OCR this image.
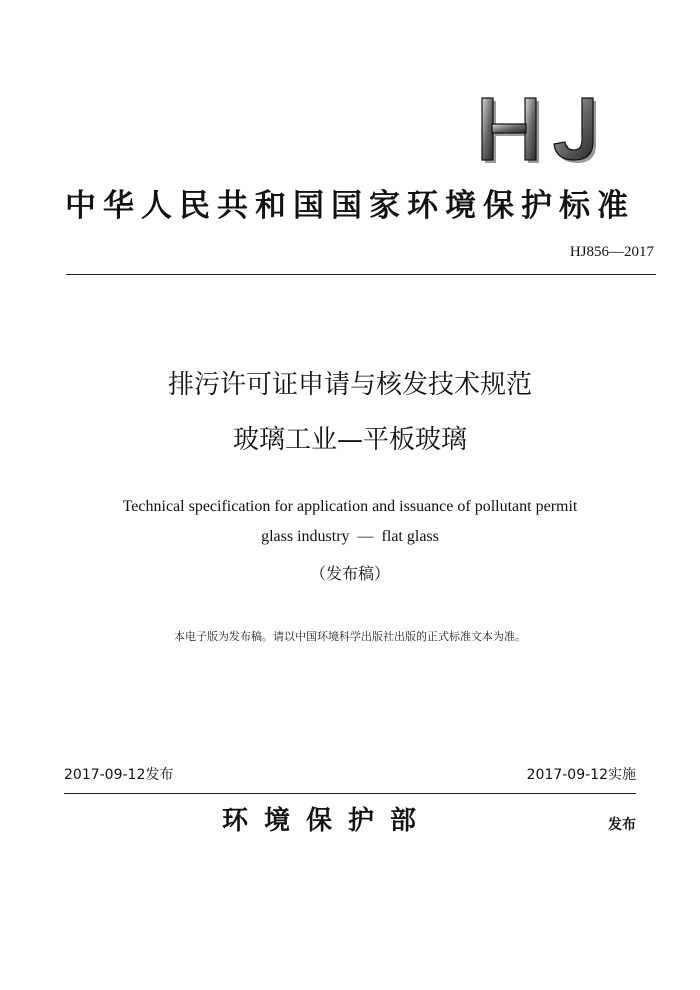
中华人民共和国国家环境保护标准
HJ856—2017
排污许可证申请与核发技术规范
玻璃工业—平板玻璃
Technical specification for application and issuance of pollutant permit
glass industry  —  flat glass
（发布稿）
本电子版为发布稿。请以中国环境科学出版社出版的正式标准文本为准。
2017-09-12发布	2017-09-12实施
环境保护部	发布
